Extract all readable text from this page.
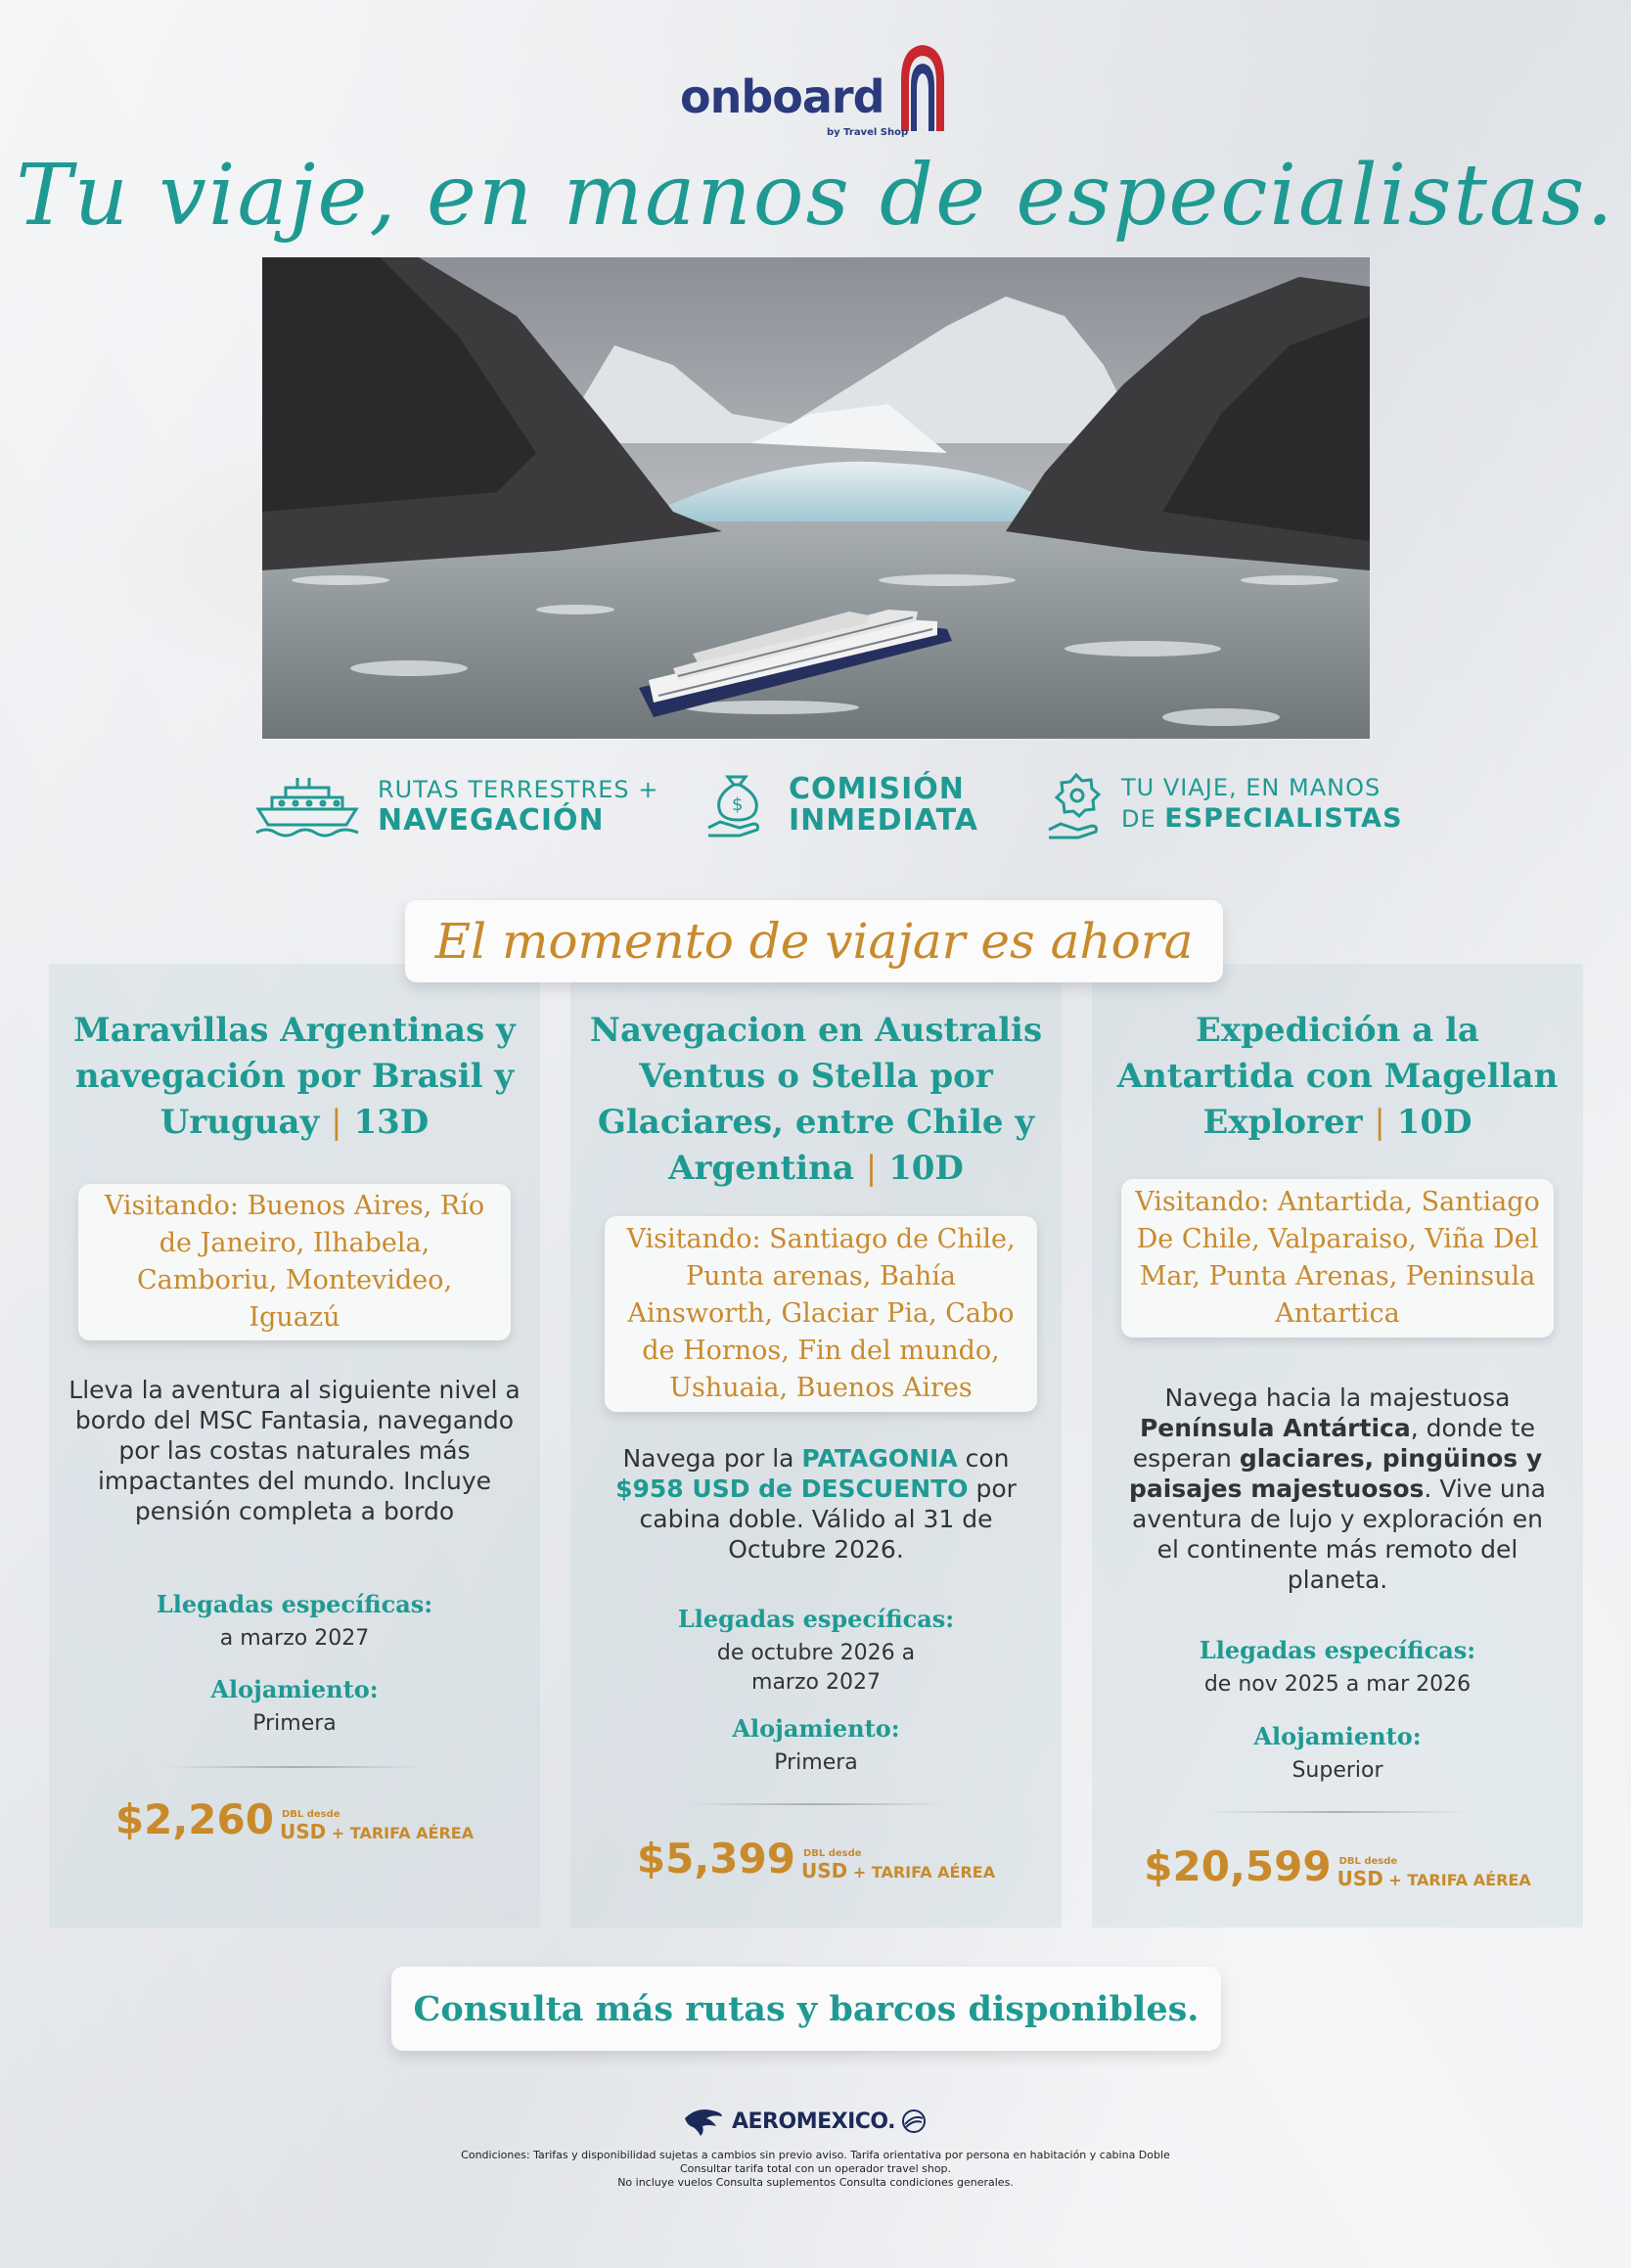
onboard
by Travel Shop
Tu viaje, en manos de especialistas.
RUTAS TERRESTRES +
NAVEGACIÓN	$ COMISIÓN
INMEDIATA
TU VIAJE, EN MANOS
DE ESPECIALISTAS
Maravillas Argentinas y navegación por Brasil y Uruguay | 13D
Visitando: Buenos Aires, Río de Janeiro, Ilhabela, Camboriu, Montevideo, Iguazú
Lleva la aventura al siguiente nivel a bordo del MSC Fantasia, navegando por las costas naturales más impactantes del mundo. Incluye pensión completa a bordo
Llegadas específicas:
a marzo 2027
Alojamiento:
Primera
$2,260 DBL desde
USD + TARIFA AÉREA
Navegacion en Australis Ventus o Stella por Glaciares, entre Chile y Argentina | 10D
Visitando: Santiago de Chile, Punta arenas, Bahía Ainsworth, Glaciar Pia, Cabo de Hornos, Fin del mundo, Ushuaia, Buenos Aires
Navega por la PATAGONIA con $958 USD de DESCUENTO por cabina doble. Válido al 31 de Octubre 2026.
Llegadas específicas:
de octubre 2026 a marzo 2027
Alojamiento:
Primera
$5,399 DBL desde
USD + TARIFA AÉREA
Expedición a la Antartida con Magellan Explorer | 10D
Visitando: Antartida, Santiago De Chile, Valparaiso, Viña Del Mar, Punta Arenas, Peninsula Antartica
Navega hacia la majestuosa Península Antártica, donde te esperan glaciares, pingüinos y paisajes majestuosos. Vive una aventura de lujo y exploración en el continente más remoto del planeta.
Llegadas específicas:
de nov 2025 a mar 2026
Alojamiento:
Superior
$20,599 DBL desde
USD + TARIFA AÉREA
El momento de viajar es ahora
Consulta más rutas y barcos disponibles.
AEROMEXICO.
Condiciones: Tarifas y disponibilidad sujetas a cambios sin previo aviso. Tarifa orientativa por persona en habitación y cabina Doble
Consultar tarifa total con un operador travel shop.
No incluye vuelos Consulta suplementos Consulta condiciones generales.
